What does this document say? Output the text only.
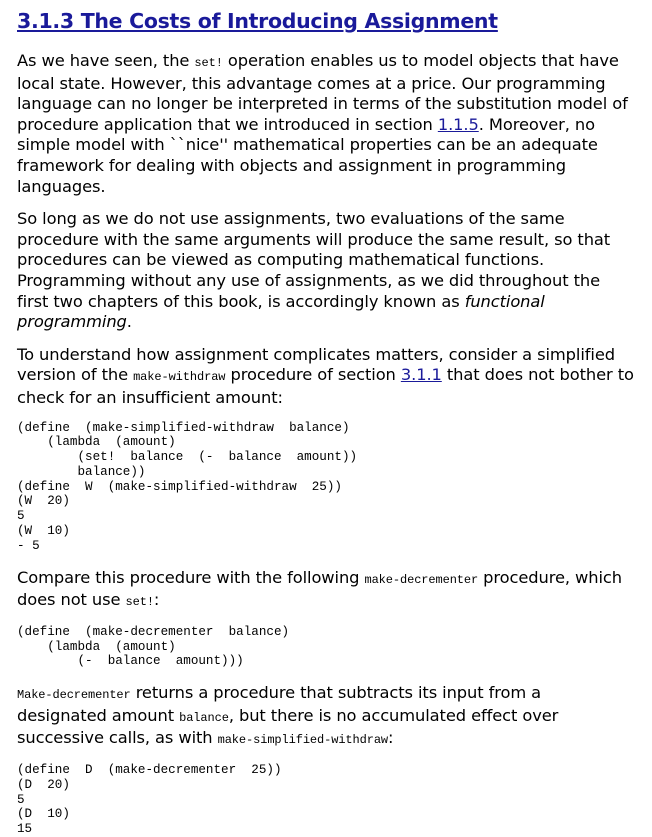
3.1.3 The Costs of Introducing Assignment

As we have seen, the set! operation enables us to model objects that have local state. However, this advantage comes at a price. Our programming language can no longer be interpreted in terms of the substitution model of procedure application that we introduced in section 1.1.5. Moreover, no simple model with ``nice'' mathematical properties can be an adequate framework for dealing with objects and assignment in programming languages.

So long as we do not use assignments, two evaluations of the same procedure with the same arguments will produce the same result, so that procedures can be viewed as computing mathematical functions. Programming without any use of assignments, as we did throughout the first two chapters of this book, is accordingly known as functional programming.

To understand how assignment complicates matters, consider a simplified version of the make-withdraw procedure of section 3.1.1 that does not bother to check for an insufficient amount:

(define  (make-simplified-withdraw  balance)
(lambda  (amount)
(set!  balance  (-  balance  amount))
balance))
(define  W  (make-simplified-withdraw  25))
(W  20)
5
(W  10)
- 5

Compare this procedure with the following make-decrementer procedure, which does not use set!:

(define  (make-decrementer  balance)
(lambda  (amount)
(-  balance  amount)))

Make-decrementer returns a procedure that subtracts its input from a designated amount balance, but there is no accumulated effect over successive calls, as with make-simplified-withdraw:

(define  D  (make-decrementer  25))
(D  20)
5
(D  10)
15
